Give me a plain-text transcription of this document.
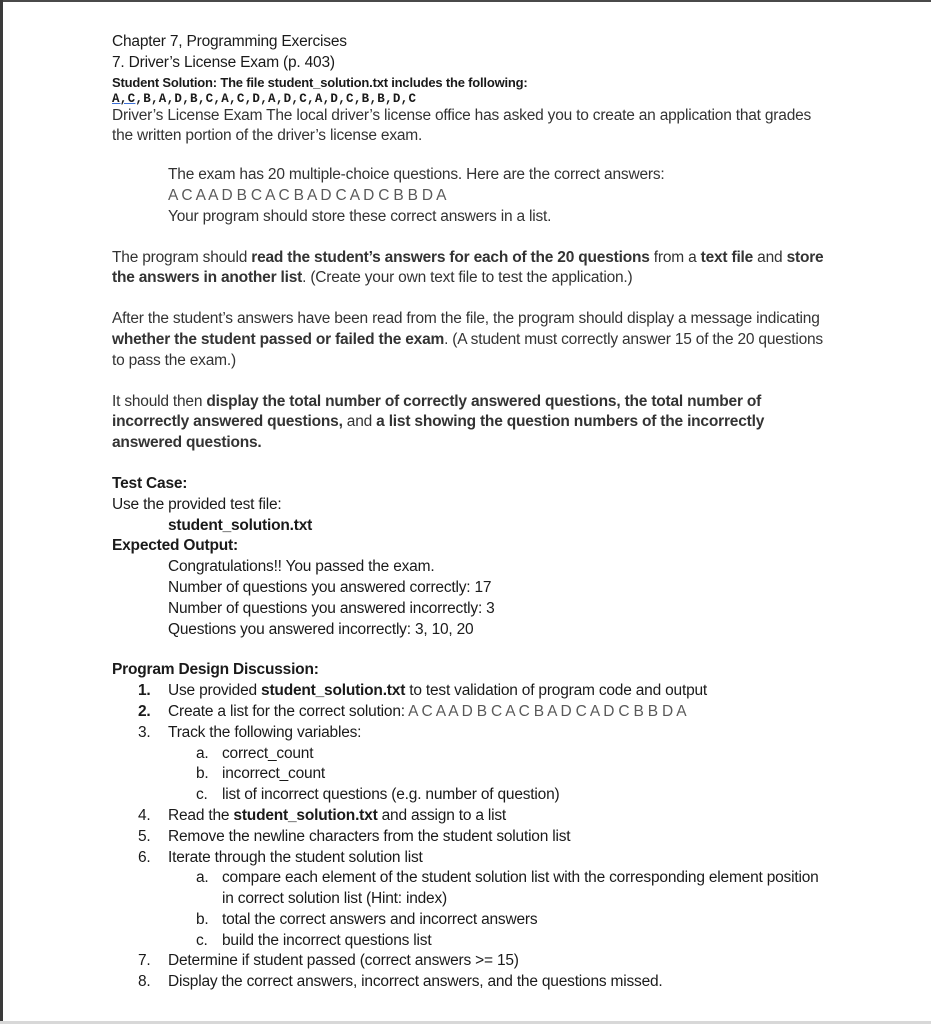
Chapter 7, Programming Exercises
7. Driver’s License Exam (p. 403)
Student Solution: The file student_solution.txt includes the following:
A,C,B,A,D,B,C,A,C,D,A,D,C,A,D,C,B,B,D,C
Driver’s License Exam The local driver’s license office has asked you to create an application that grades the written portion of the driver’s license exam.
The exam has 20 multiple-choice questions. Here are the correct answers:
A C A A D B C A C B A D C A D C B B D A
Your program should store these correct answers in a list.
The program should read the student’s answers for each of the 20 questions from a text file and store the answers in another list. (Create your own text file to test the application.)
After the student’s answers have been read from the file, the program should display a message indicating whether the student passed or failed the exam. (A student must correctly answer 15 of the 20 questions to pass the exam.)
It should then display the total number of correctly answered questions, the total number of incorrectly answered questions, and a list showing the question numbers of the incorrectly answered questions.
Test Case:
Use the provided test file:
student_solution.txt
Expected Output:
Congratulations!! You passed the exam.
Number of questions you answered correctly: 17
Number of questions you answered incorrectly: 3
Questions you answered incorrectly: 3, 10, 20
Program Design Discussion:
1.	Use provided student_solution.txt to test validation of program code and output
2.	Create a list for the correct solution: A C A A D B C A C B A D C A D C B B D A
3.	Track the following variables:
a. correct_count
b. incorrect_count
c. list of incorrect questions (e.g. number of question)
4.	Read the student_solution.txt and assign to a list
5.	Remove the newline characters from the student solution list
6.	Iterate through the student solution list
a. compare each element of the student solution list with the corresponding element position in correct solution list (Hint: index)
b. total the correct answers and incorrect answers
c. build the incorrect questions list
7.	Determine if student passed (correct answers >= 15)
8.	Display the correct answers, incorrect answers, and the questions missed.
